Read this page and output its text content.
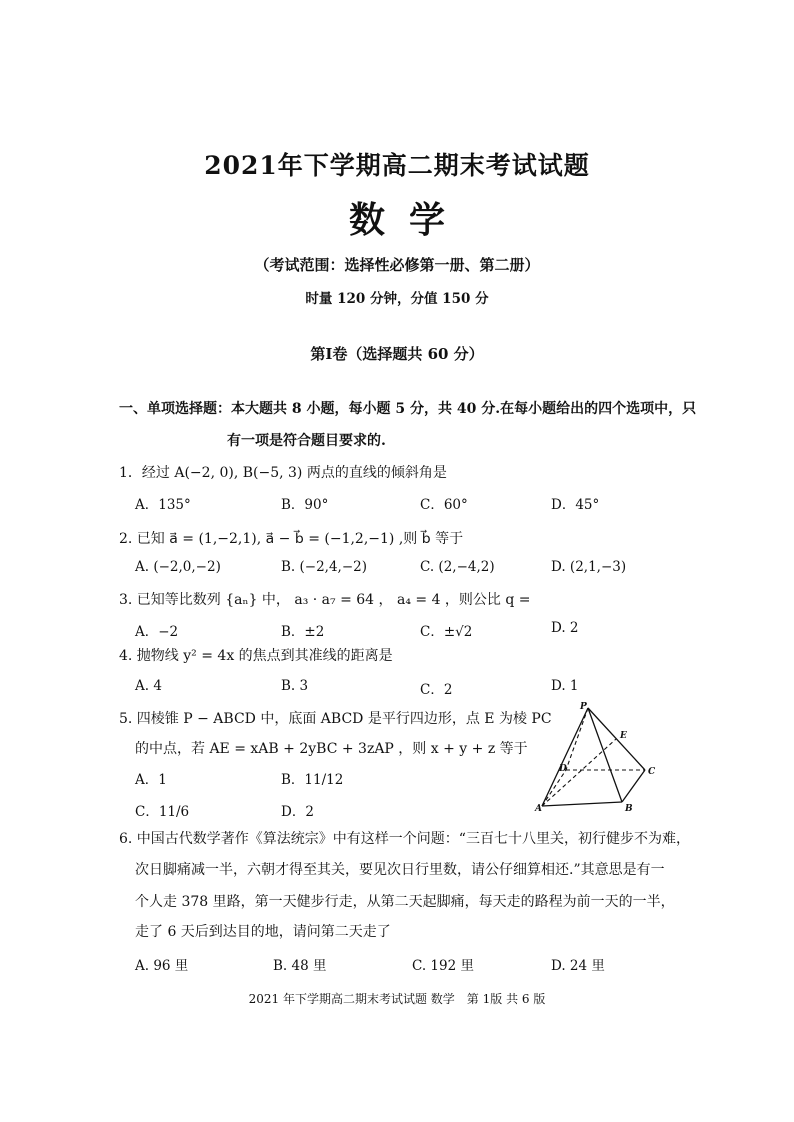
2021年下学期高二期末考试试题
数学
（考试范围：选择性必修第一册、第二册）
时量 120 分钟，分值 150 分
第Ⅰ卷（选择题共 60 分）
一、单项选择题：本大题共 8 小题，每小题 5 分，共 40 分.在每小题给出的四个选项中，只
有一项是符合题目要求的.
1．经过 A(−2, 0), B(−5, 3) 两点的直线的倾斜角是
A．135°	B．90°	C．60°	D．45°
2. 已知 a⃗ = (1,−2,1), a⃗ − b⃗ = (−1,2,−1) ,则 b⃗ 等于
A. (−2,0,−2)	B. (−2,4,−2)	C. (2,−4,2)	D. (2,1,−3)
3. 已知等比数列 {aₙ} 中， a₃ · a₇ = 64 ， a₄ = 4 ，则公比 q =
A．−2	B．±2	C．±√2	D. 2
4. 抛物线 y² = 4x 的焦点到其准线的距离是
A. 4	B. 3	C．2	D. 1
5. 四棱锥 P − ABCD 中，底面 ABCD 是平行四边形，点 E 为棱 PC
的中点，若 AE = xAB + 2yBC + 3zAP ，则 x + y + z 等于
A．1	B．11/12
C．11/6	D．2
P
E
D	C
A	B
6. 中国古代数学著作《算法统宗》中有这样一个问题：“三百七十八里关，初行健步不为难，
次日脚痛减一半，六朝才得至其关，要见次日行里数，请公仔细算相还.”其意思是有一
个人走 378 里路，第一天健步行走，从第二天起脚痛，每天走的路程为前一天的一半，
走了 6 天后到达目的地，请问第二天走了
A. 96 里	B. 48 里	C. 192 里	D. 24 里
2021 年下学期高二期末考试试题 数学　第 1版 共 6 版
